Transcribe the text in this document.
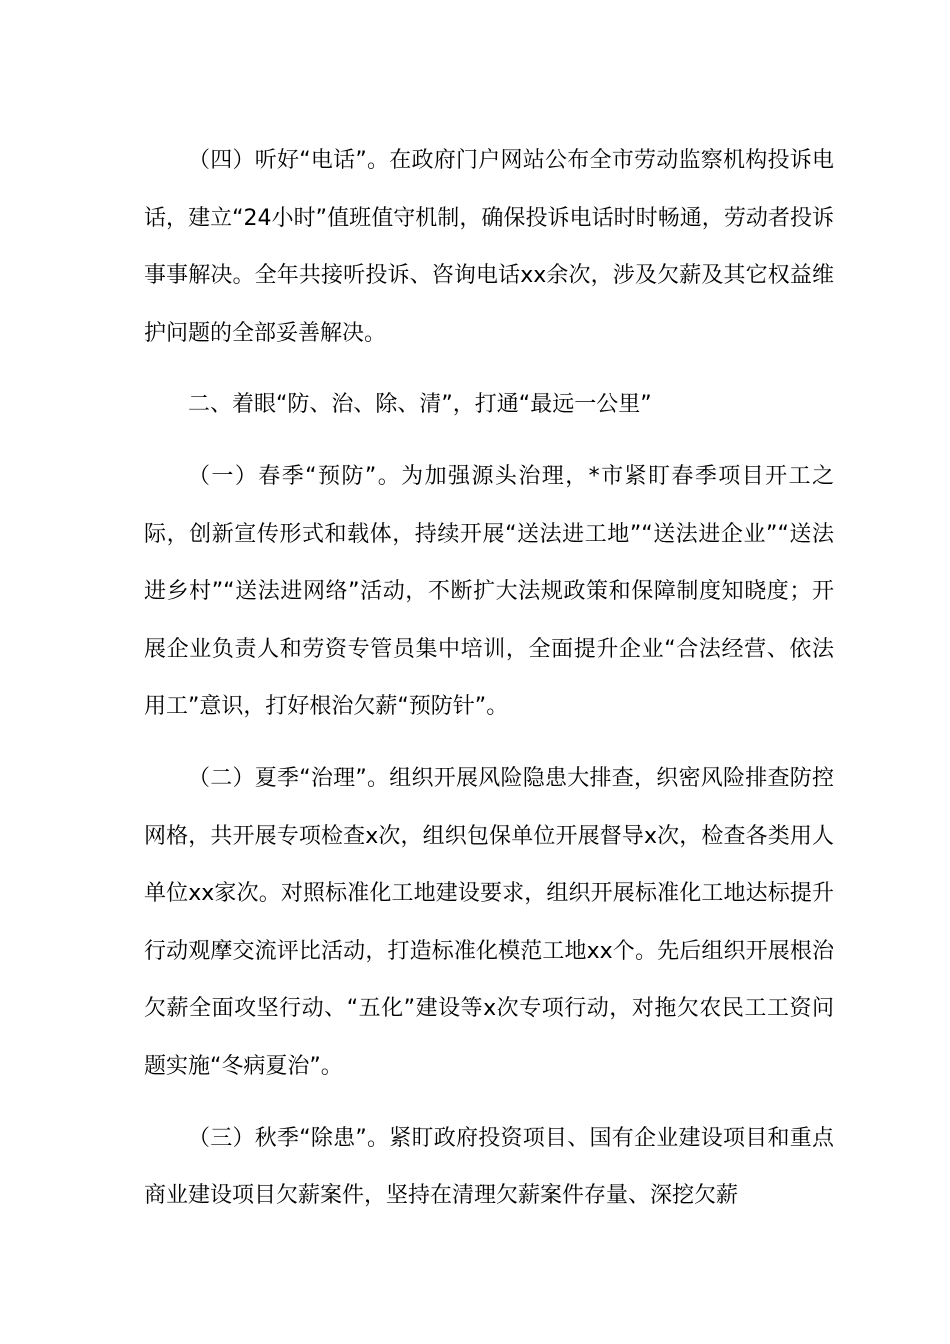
（四）听好“电话”。在政府门户网站公布全市劳动监察机构投诉电话，建立“24小时”值班值守机制，确保投诉电话时时畅通，劳动者投诉事事解决。全年共接听投诉、咨询电话xx余次，涉及欠薪及其它权益维护问题的全部妥善解决。

二、着眼“防、治、除、清”，打通“最远一公里”

（一）春季“预防”。为加强源头治理，*市紧盯春季项目开工之际，创新宣传形式和载体，持续开展“送法进工地”“送法进企业”“送法进乡村”“送法进网络”活动，不断扩大法规政策和保障制度知晓度；开展企业负责人和劳资专管员集中培训，全面提升企业“合法经营、依法用工”意识，打好根治欠薪“预防针”。

（二）夏季“治理”。组织开展风险隐患大排查，织密风险排查防控网格，共开展专项检查x次，组织包保单位开展督导x次，检查各类用人单位xx家次。对照标准化工地建设要求，组织开展标准化工地达标提升行动观摩交流评比活动，打造标准化模范工地xx个。先后组织开展根治欠薪全面攻坚行动、“五化”建设等x次专项行动，对拖欠农民工工资问题实施“冬病夏治”。

（三）秋季“除患”。紧盯政府投资项目、国有企业建设项目和重点商业建设项目欠薪案件，坚持在清理欠薪案件存量、深挖欠薪
